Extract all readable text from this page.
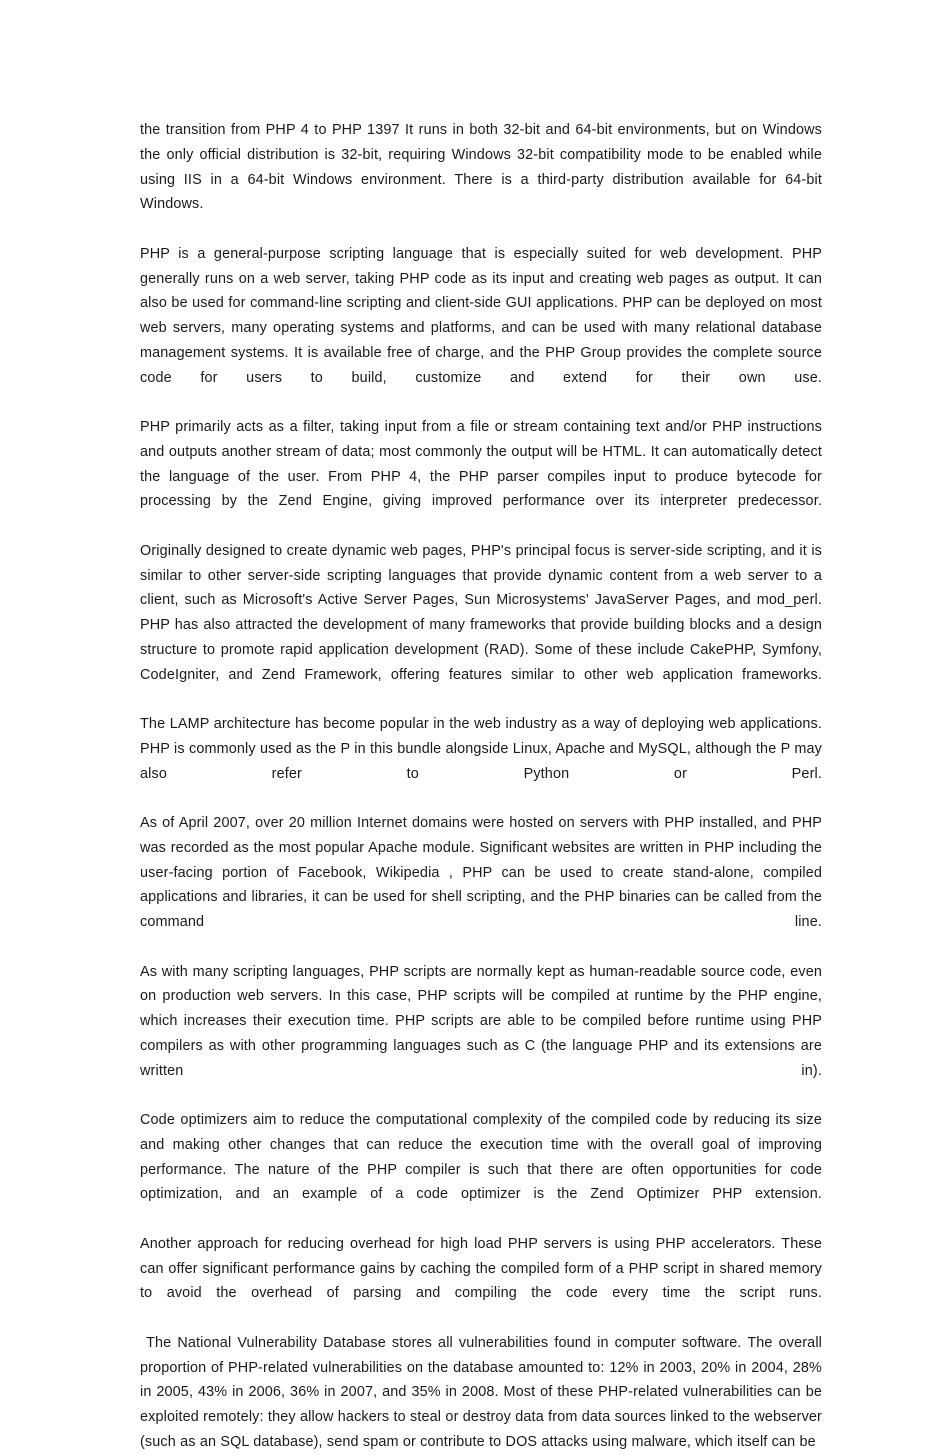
the transition from PHP 4 to PHP 1397 It runs in both 32-bit and 64-bit environments, but on Windows the only official distribution is 32-bit, requiring Windows 32-bit compatibility mode to be enabled while using IIS in a 64-bit Windows environment. There is a third-party distribution available for 64-bit Windows.

PHP is a general-purpose scripting language that is especially suited for web development. PHP generally runs on a web server, taking PHP code as its input and creating web pages as output. It can also be used for command-line scripting and client-side GUI applications. PHP can be deployed on most web servers, many operating systems and platforms, and can be used with many relational database management systems. It is available free of charge, and the PHP Group provides the complete source code for users to build, customize and extend for their own use.

PHP primarily acts as a filter, taking input from a file or stream containing text and/or PHP instructions and outputs another stream of data; most commonly the output will be HTML. It can automatically detect the language of the user. From PHP 4, the PHP parser compiles input to produce bytecode for processing by the Zend Engine, giving improved performance over its interpreter predecessor.

Originally designed to create dynamic web pages, PHP's principal focus is server-side scripting, and it is similar to other server-side scripting languages that provide dynamic content from a web server to a client, such as Microsoft's Active Server Pages, Sun Microsystems' JavaServer Pages, and mod_perl. PHP has also attracted the development of many frameworks that provide building blocks and a design structure to promote rapid application development (RAD). Some of these include CakePHP, Symfony, CodeIgniter, and Zend Framework, offering features similar to other web application frameworks.

The LAMP architecture has become popular in the web industry as a way of deploying web applications. PHP is commonly used as the P in this bundle alongside Linux, Apache and MySQL, although the P may also refer to Python or Perl.

As of April 2007, over 20 million Internet domains were hosted on servers with PHP installed, and PHP was recorded as the most popular Apache module. Significant websites are written in PHP including the user-facing portion of Facebook, Wikipedia , PHP can be used to create stand-alone, compiled applications and libraries, it can be used for shell scripting, and the PHP binaries can be called from the command line.

As with many scripting languages, PHP scripts are normally kept as human-readable source code, even on production web servers. In this case, PHP scripts will be compiled at runtime by the PHP engine, which increases their execution time. PHP scripts are able to be compiled before runtime using PHP compilers as with other programming languages such as C (the language PHP and its extensions are written in).

Code optimizers aim to reduce the computational complexity of the compiled code by reducing its size and making other changes that can reduce the execution time with the overall goal of improving performance. The nature of the PHP compiler is such that there are often opportunities for code optimization, and an example of a code optimizer is the Zend Optimizer PHP extension.

Another approach for reducing overhead for high load PHP servers is using PHP accelerators. These can offer significant performance gains by caching the compiled form of a PHP script in shared memory to avoid the overhead of parsing and compiling the code every time the script runs.

The National Vulnerability Database stores all vulnerabilities found in computer software. The overall proportion of PHP-related vulnerabilities on the database amounted to: 12% in 2003, 20% in 2004, 28% in 2005, 43% in 2006, 36% in 2007, and 35% in 2008. Most of these PHP-related vulnerabilities can be exploited remotely: they allow hackers to steal or destroy data from data sources linked to the webserver (such as an SQL database), send spam or contribute to DOS attacks using malware, which itself can be
